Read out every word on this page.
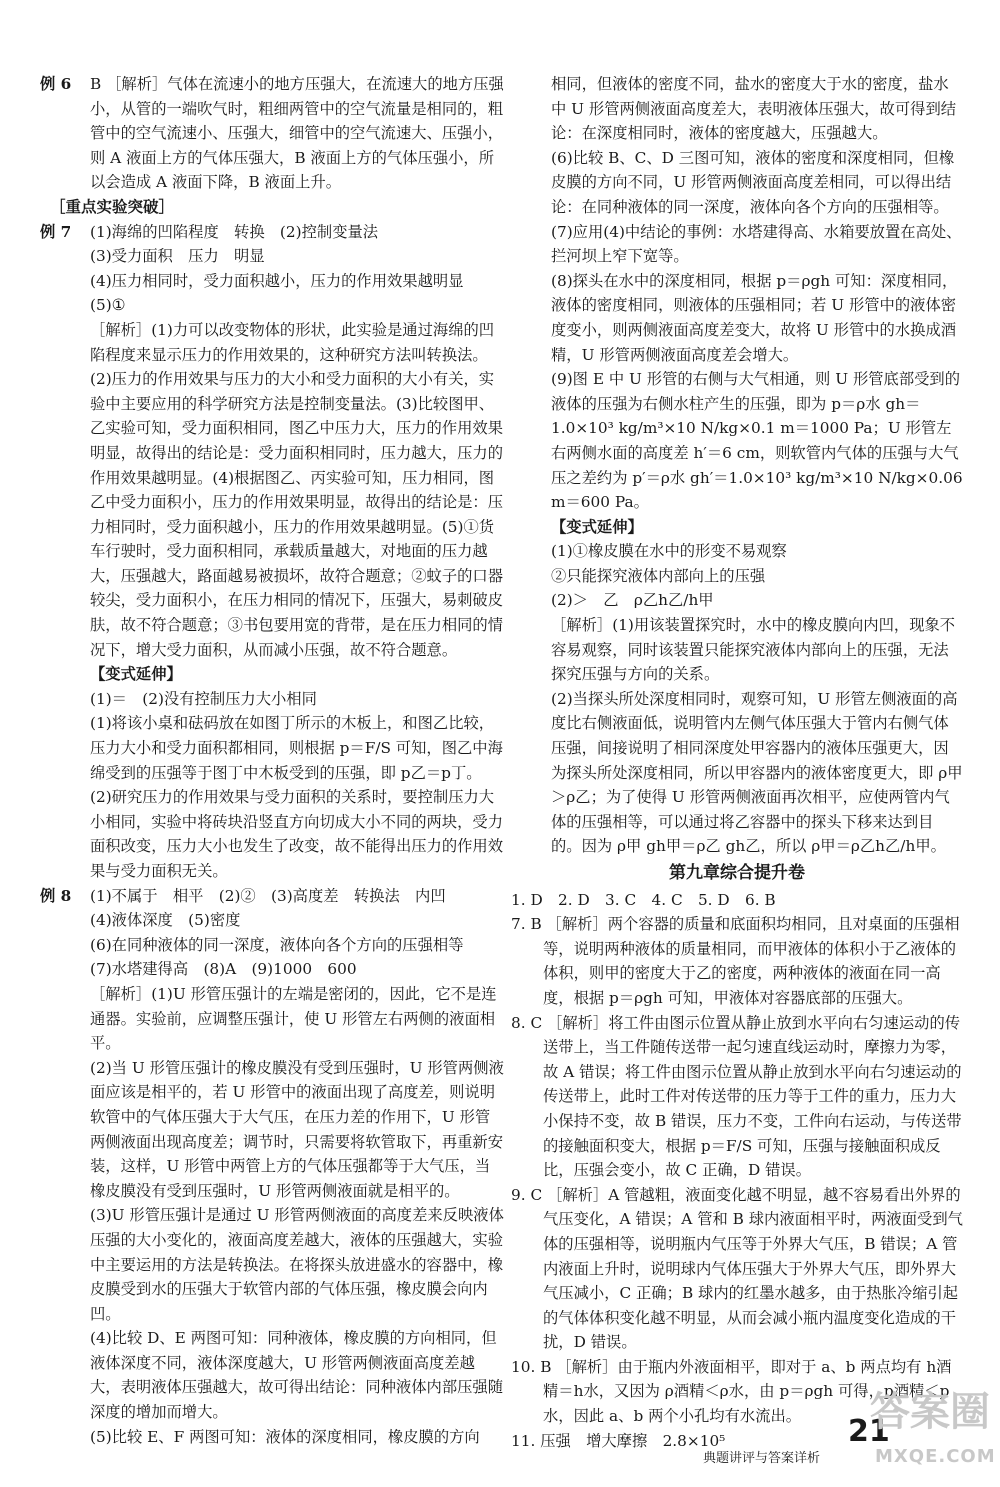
例 6	B ［解析］气体在流速小的地方压强大，在流速大的地方压强小，从管的一端吹气时，粗细两管中的空气流量是相同的，粗管中的空气流速小、压强大，细管中的空气流速大、压强小，则 A 液面上方的气体压强大，B 液面上方的气体压强小，所以会造成 A 液面下降，B 液面上升。

［重点实验突破］

例 7	(1)海绵的凹陷程度　转换　(2)控制变量法
(3)受力面积　压力　明显
(4)压力相同时，受力面积越小，压力的作用效果越明显
(5)①

［解析］(1)力可以改变物体的形状，此实验是通过海绵的凹陷程度来显示压力的作用效果的，这种研究方法叫转换法。(2)压力的作用效果与压力的大小和受力面积的大小有关，实验中主要应用的科学研究方法是控制变量法。(3)比较图甲、乙实验可知，受力面积相同，图乙中压力大，压力的作用效果明显，故得出的结论是：受力面积相同时，压力越大，压力的作用效果越明显。(4)根据图乙、丙实验可知，压力相同，图乙中受力面积小，压力的作用效果明显，故得出的结论是：压力相同时，受力面积越小，压力的作用效果越明显。(5)①货车行驶时，受力面积相同，承载质量越大，对地面的压力越大，压强越大，路面越易被损坏，故符合题意；②蚊子的口器较尖，受力面积小，在压力相同的情况下，压强大，易刺破皮肤，故不符合题意；③书包要用宽的背带，是在压力相同的情况下，增大受力面积，从而减小压强，故不符合题意。

【变式延伸】

(1)＝　(2)没有控制压力大小相同
(1)将该小桌和砝码放在如图丁所示的木板上，和图乙比较，压力大小和受力面积都相同，则根据 p＝F/S 可知，图乙中海绵受到的压强等于图丁中木板受到的压强，即 p乙＝p丁。
(2)研究压力的作用效果与受力面积的关系时，要控制压力大小相同，实验中将砖块沿竖直方向切成大小不同的两块，受力面积改变，压力大小也发生了改变，故不能得出压力的作用效果与受力面积无关。

例 8	(1)不属于　相平　(2)②　(3)高度差　转换法　内凹
(4)液体深度　(5)密度
(6)在同种液体的同一深度，液体向各个方向的压强相等
(7)水塔建得高　(8)A　(9)1000　600

［解析］(1)U 形管压强计的左端是密闭的，因此，它不是连通器。实验前，应调整压强计，使 U 形管左右两侧的液面相平。
(2)当 U 形管压强计的橡皮膜没有受到压强时，U 形管两侧液面应该是相平的，若 U 形管中的液面出现了高度差，则说明软管中的气体压强大于大气压，在压力差的作用下，U 形管两侧液面出现高度差；调节时，只需要将软管取下，再重新安装，这样，U 形管中两管上方的气体压强都等于大气压，当橡皮膜没有受到压强时，U 形管两侧液面就是相平的。
(3)U 形管压强计是通过 U 形管两侧液面的高度差来反映液体压强的大小变化的，液面高度差越大，液体的压强越大，实验中主要运用的方法是转换法。在将探头放进盛水的容器中，橡皮膜受到水的压强大于软管内部的气体压强，橡皮膜会向内凹。
(4)比较 D、E 两图可知：同种液体，橡皮膜的方向相同，但液体深度不同，液体深度越大，U 形管两侧液面高度差越大，表明液体压强越大，故可得出结论：同种液体内部压强随深度的增加而增大。
(5)比较 E、F 两图可知：液体的深度相同，橡皮膜的方向

相同，但液体的密度不同，盐水的密度大于水的密度，盐水中 U 形管两侧液面高度差大，表明液体压强大，故可得到结论：在深度相同时，液体的密度越大，压强越大。
(6)比较 B、C、D 三图可知，液体的密度和深度相同，但橡皮膜的方向不同，U 形管两侧液面高度差相同，可以得出结论：在同种液体的同一深度，液体向各个方向的压强相等。
(7)应用(4)中结论的事例：水塔建得高、水箱要放置在高处、拦河坝上窄下宽等。
(8)探头在水中的深度相同，根据 p＝ρgh 可知：深度相同，液体的密度相同，则液体的压强相同；若 U 形管中的液体密度变小，则两侧液面高度差变大，故将 U 形管中的水换成酒精，U 形管两侧液面高度差会增大。
(9)图 E 中 U 形管的右侧与大气相通，则 U 形管底部受到的液体的压强为右侧水柱产生的压强，即为 p＝ρ水 gh＝1.0×10³ kg/m³×10 N/kg×0.1 m＝1000 Pa；U 形管左右两侧水面的高度差 h′＝6 cm，则软管内气体的压强与大气压之差约为 p′＝ρ水 gh′＝1.0×10³ kg/m³×10 N/kg×0.06 m＝600 Pa。

【变式延伸】

(1)①橡皮膜在水中的形变不易观察
②只能探究液体内部向上的压强

(2)＞　乙　ρ乙h乙/h甲

［解析］(1)用该装置探究时，水中的橡皮膜向内凹，现象不容易观察，同时该装置只能探究液体内部向上的压强，无法探究压强与方向的关系。
(2)当探头所处深度相同时，观察可知，U 形管左侧液面的高度比右侧液面低，说明管内左侧气体压强大于管内右侧气体压强，间接说明了相同深度处甲容器内的液体压强更大，因为探头所处深度相同，所以甲容器内的液体密度更大，即 ρ甲＞ρ乙；为了使得 U 形管两侧液面再次相平，应使两管内气体的压强相等，可以通过将乙容器中的探头下移来达到目的。因为 ρ甲 gh甲＝ρ乙 gh乙，所以 ρ甲＝ρ乙h乙/h甲。

第九章综合提升卷

1. D　2. D　3. C　4. C　5. D　6. B

7. B ［解析］两个容器的质量和底面积均相同，且对桌面的压强相等，说明两种液体的质量相同，而甲液体的体积小于乙液体的体积，则甲的密度大于乙的密度，两种液体的液面在同一高度，根据 p＝ρgh 可知，甲液体对容器底部的压强大。

8. C ［解析］将工件由图示位置从静止放到水平向右匀速运动的传送带上，当工件随传送带一起匀速直线运动时，摩擦力为零，故 A 错误；将工件由图示位置从静止放到水平向右匀速运动的传送带上，此时工件对传送带的压力等于工件的重力，压力大小保持不变，故 B 错误，压力不变，工件向右运动，与传送带的接触面积变大，根据 p＝F/S 可知，压强与接触面积成反比，压强会变小，故 C 正确，D 错误。

9. C ［解析］A 管越粗，液面变化越不明显，越不容易看出外界的气压变化，A 错误；A 管和 B 球内液面相平时，两液面受到气体的压强相等，说明瓶内气压等于外界大气压，B 错误；A 管内液面上升时，说明球内气体压强大于外界大气压，即外界大气压减小，C 正确；B 球内的红墨水越多，由于热胀冷缩引起的气体体积变化越不明显，从而会减小瓶内温度变化造成的干扰，D 错误。

10. B ［解析］由于瓶内外液面相平，即对于 a、b 两点均有 h酒精＝h水，又因为 ρ酒精＜ρ水，由 p＝ρgh 可得，p酒精＜p水，因此 a、b 两个小孔均有水流出。

11. 压强　增大摩擦　2.8×10⁵

典题讲评与答案详析
21
答案圈
MXQE.COM
